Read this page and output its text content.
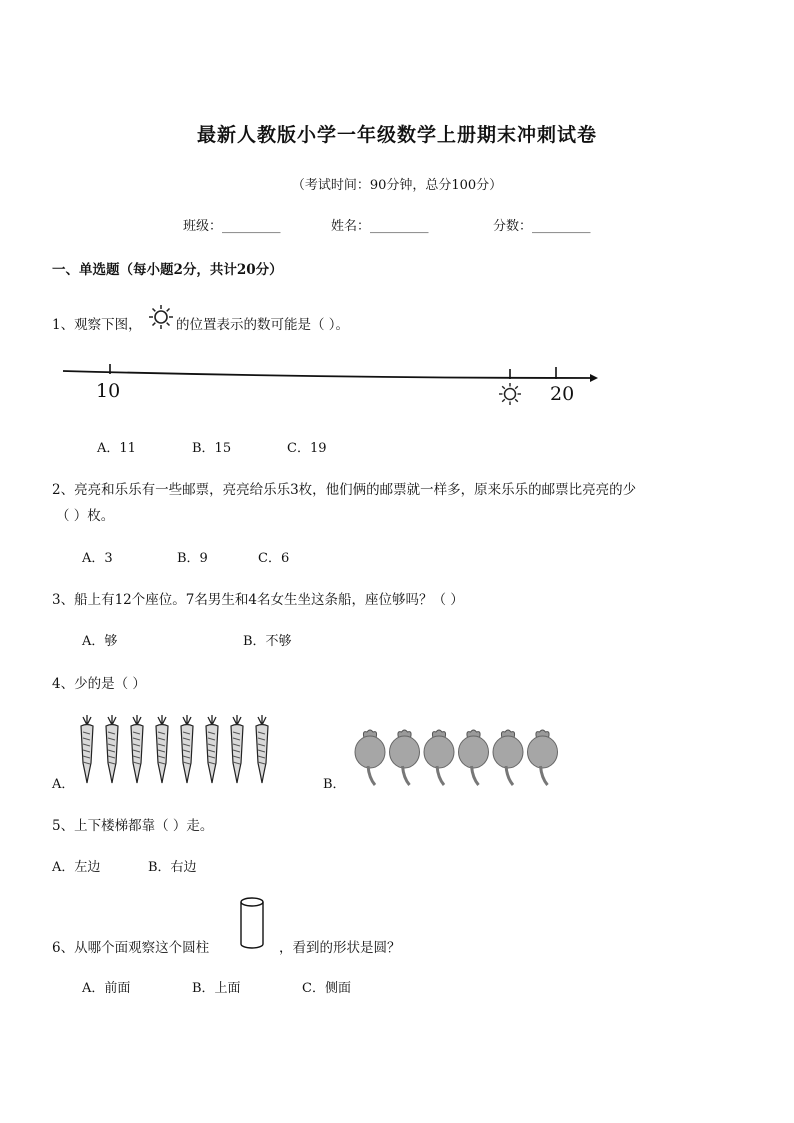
最新人教版小学一年级数学上册期末冲刺试卷
（考试时间：90分钟，总分100分）
班级：_________	姓名：_________	分数：_________
一、单选题（每小题2分，共计20分）
1、观察下图，	的位置表示的数可能是（ ）。
10	20
A．11	B．15	C．19
2、亮亮和乐乐有一些邮票，亮亮给乐乐3枚，他们俩的邮票就一样多，原来乐乐的邮票比亮亮的少
（ ）枚。
A．3	B．9	C．6
3、船上有12个座位。7名男生和4名女生坐这条船，座位够吗？（ ）
A．够	B．不够
4、少的是（ ）
A．	B．
5、上下楼梯都靠（ ）走。
A．左边	B．右边
6、从哪个面观察这个圆柱	，看到的形状是圆？
A．前面	B．上面	C．侧面
